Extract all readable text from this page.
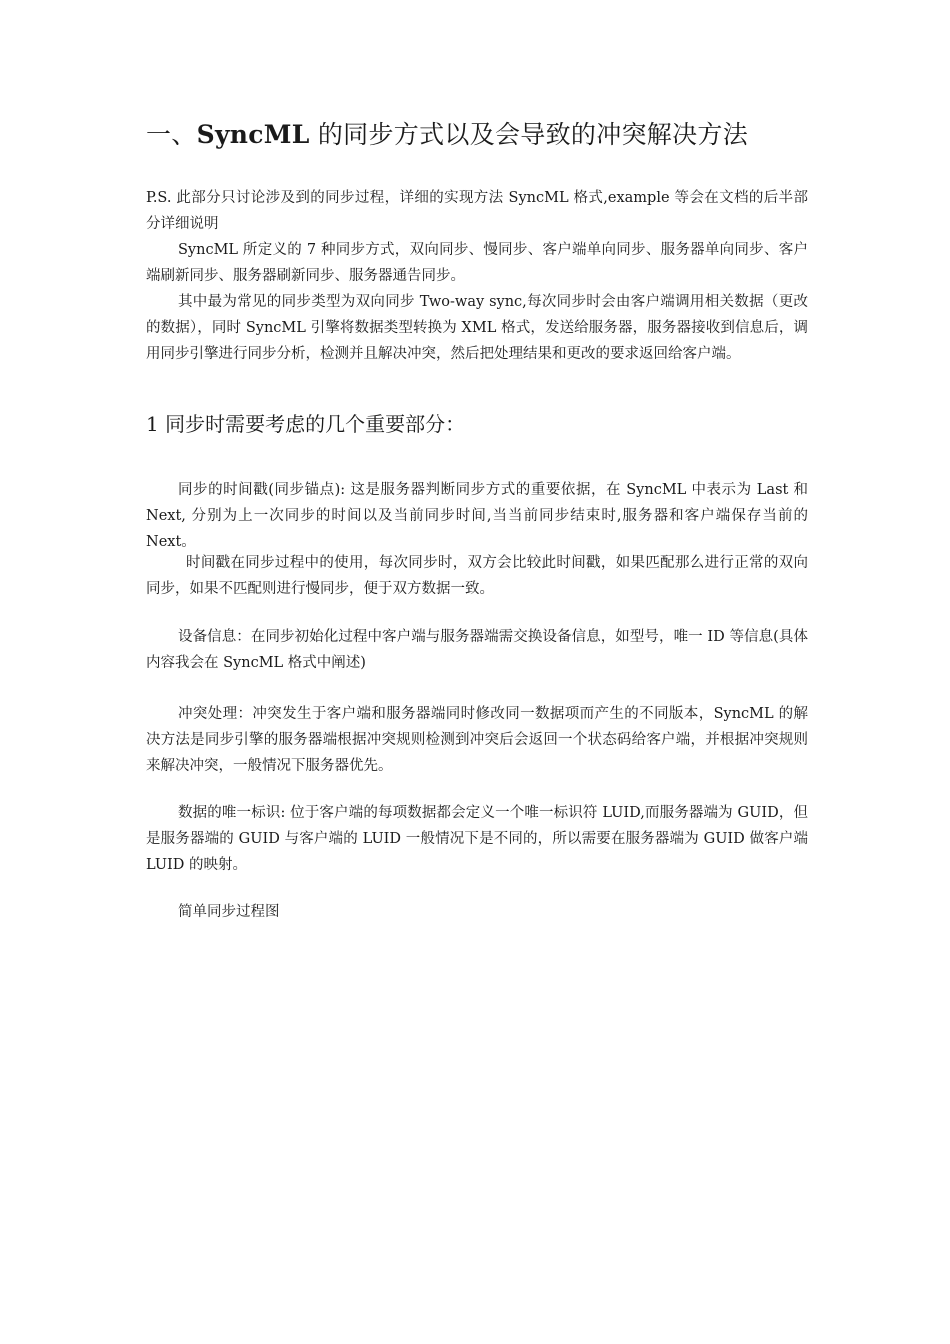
一、SyncML 的同步方式以及会导致的冲突解决方法
P.S. 此部分只讨论涉及到的同步过程，详细的实现方法 SyncML 格式,example 等会在文档的后半部分详细说明
SyncML 所定义的 7 种同步方式，双向同步、慢同步、客户端单向同步、服务器单向同步、客户端刷新同步、服务器刷新同步、服务器通告同步。
其中最为常见的同步类型为双向同步 Two-way sync,每次同步时会由客户端调用相关数据（更改的数据），同时 SyncML 引擎将数据类型转换为 XML 格式，发送给服务器，服务器接收到信息后，调用同步引擎进行同步分析，检测并且解决冲突，然后把处理结果和更改的要求返回给客户端。
1 同步时需要考虑的几个重要部分：
同步的时间戳(同步锚点): 这是服务器判断同步方式的重要依据，在 SyncML 中表示为 Last 和 Next, 分别为上一次同步的时间以及当前同步时间,当当前同步结束时,服务器和客户端保存当前的 Next。
时间戳在同步过程中的使用，每次同步时，双方会比较此时间戳，如果匹配那么进行正常的双向同步，如果不匹配则进行慢同步，便于双方数据一致。
设备信息：在同步初始化过程中客户端与服务器端需交换设备信息，如型号，唯一 ID 等信息(具体内容我会在 SyncML 格式中阐述)
冲突处理：冲突发生于客户端和服务器端同时修改同一数据项而产生的不同版本，SyncML 的解决方法是同步引擎的服务器端根据冲突规则检测到冲突后会返回一个状态码给客户端，并根据冲突规则来解决冲突，一般情况下服务器优先。
数据的唯一标识: 位于客户端的每项数据都会定义一个唯一标识符 LUID,而服务器端为 GUID，但是服务器端的 GUID 与客户端的 LUID 一般情况下是不同的，所以需要在服务器端为 GUID 做客户端 LUID 的映射。
简单同步过程图
